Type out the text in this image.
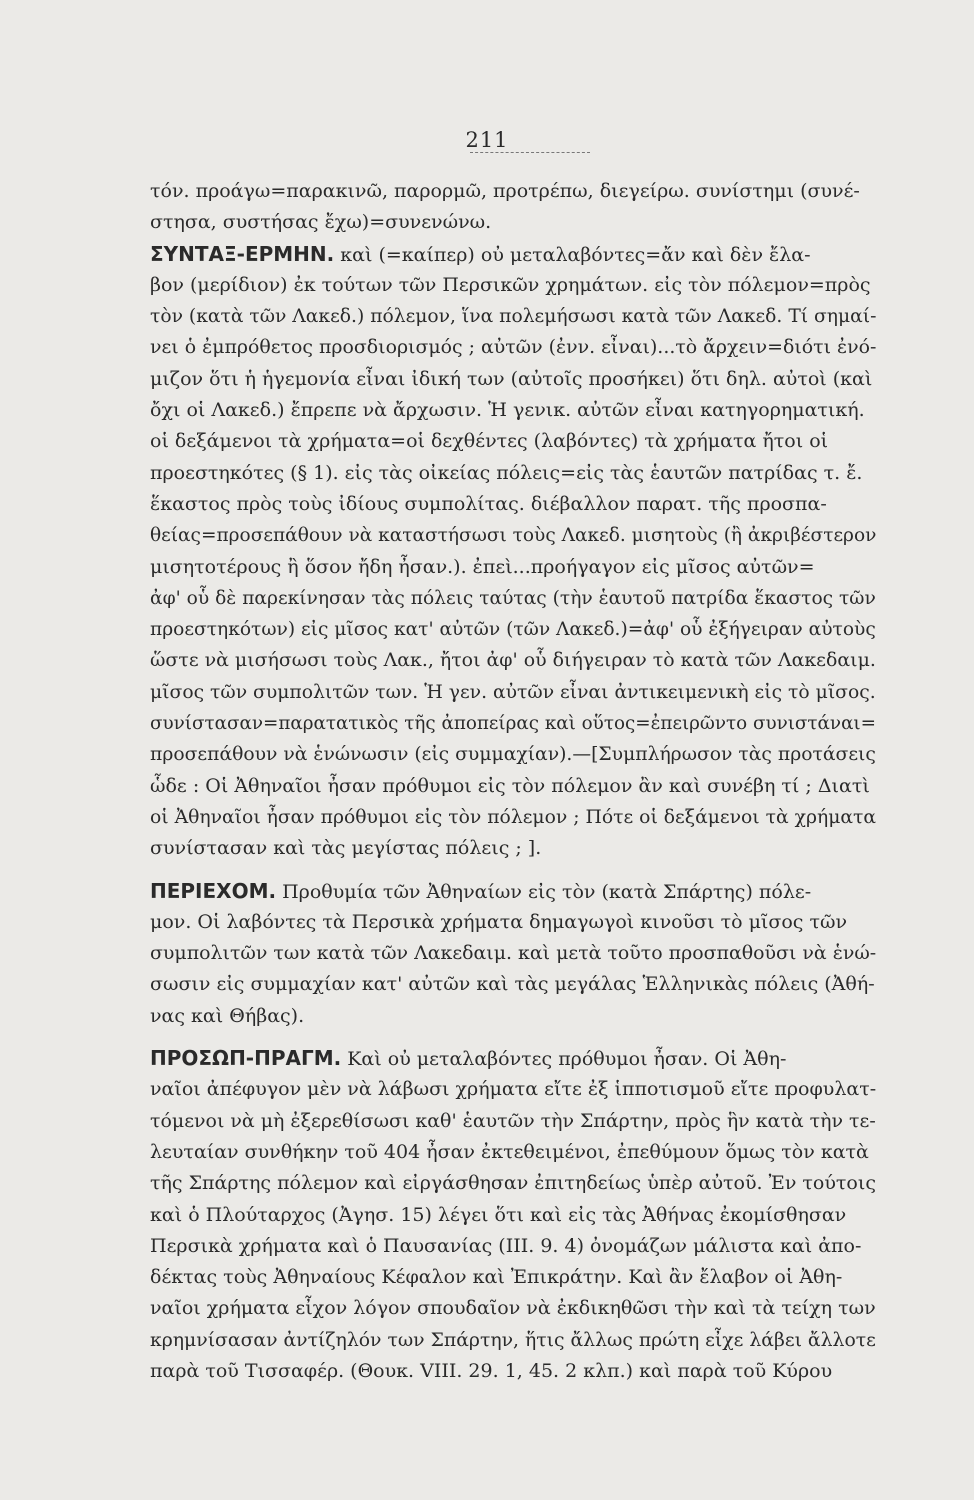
211
τόν. προάγω=παρακινῶ, παρορμῶ, προτρέπω, διεγείρω. συνίστημι (συνέ-
στησα, συστήσας ἔχω)=συνενώνω.
ΣΥΝΤΑΞ-ΕΡΜΗΝ. καὶ (=καίπερ) οὐ μεταλαβόντες=ἄν καὶ δὲν ἔλα-
βον (μερίδιον) ἐκ τούτων τῶν Περσικῶν χρημάτων. εἰς τὸν πόλεμον=πρὸς
τὸν (κατὰ τῶν Λακεδ.) πόλεμον, ἵνα πολεμήσωσι κατὰ τῶν Λακεδ. Τί σημαί-
νει ὁ ἐμπρόθετος προσδιορισμός ; αὐτῶν (ἐνν. εἶναι)...τὸ ἄρχειν=διότι ἐνό-
μιζον ὅτι ἡ ἡγεμονία εἶναι ἰδική των (αὐτοῖς προσήκει) ὅτι δηλ. αὐτοὶ (καὶ
ὄχι οἱ Λακεδ.) ἔπρεπε νὰ ἄρχωσιν. Ἡ γενικ. αὐτῶν εἶναι κατηγορηματική.
οἱ δεξάμενοι τὰ χρήματα=οἱ δεχθέντες (λαβόντες) τὰ χρήματα ἤτοι οἱ
προεστηκότες (§ 1). εἰς τὰς οἰκείας πόλεις=εἰς τὰς ἑαυτῶν πατρίδας τ. ἔ.
ἕκαστος πρὸς τοὺς ἰδίους συμπολίτας. διέβαλλον παρατ. τῆς προσπα-
θείας=προσεπάθουν νὰ καταστήσωσι τοὺς Λακεδ. μισητοὺς (ἢ ἀκριβέστερον
μισητοτέρους ἢ ὅσον ἤδη ἦσαν.). ἐπεὶ...προήγαγον εἰς μῖσος αὐτῶν=
ἀφ' οὗ δὲ παρεκίνησαν τὰς πόλεις ταύτας (τὴν ἑαυτοῦ πατρίδα ἕκαστος τῶν
προεστηκότων) εἰς μῖσος κατ' αὐτῶν (τῶν Λακεδ.)=ἀφ' οὗ ἐξήγειραν αὐτοὺς
ὥστε νὰ μισήσωσι τοὺς Λακ., ἤτοι ἀφ' οὗ διήγειραν τὸ κατὰ τῶν Λακεδαιμ.
μῖσος τῶν συμπολιτῶν των. Ἡ γεν. αὐτῶν εἶναι ἀντικειμενικὴ εἰς τὸ μῖσος.
συνίστασαν=παρατατικὸς τῆς ἀποπείρας καὶ οὕτος=ἐπειρῶντο συνιστάναι=
προσεπάθουν νὰ ἑνώνωσιν (εἰς συμμαχίαν).—[Συμπλήρωσον τὰς προτάσεις
ὧδε : Οἱ Ἀθηναῖοι ἦσαν πρόθυμοι εἰς τὸν πόλεμον ἂν καὶ συνέβη τί ; Διατὶ
οἱ Ἀθηναῖοι ἦσαν πρόθυμοι εἰς τὸν πόλεμον ; Πότε οἱ δεξάμενοι τὰ χρήματα
συνίστασαν καὶ τὰς μεγίστας πόλεις ; ].
ΠΕΡΙΕΧΟΜ. Προθυμία τῶν Ἀθηναίων εἰς τὸν (κατὰ Σπάρτης) πόλε-
μον. Οἱ λαβόντες τὰ Περσικὰ χρήματα δημαγωγοὶ κινοῦσι τὸ μῖσος τῶν
συμπολιτῶν των κατὰ τῶν Λακεδαιμ. καὶ μετὰ τοῦτο προσπαθοῦσι νὰ ἑνώ-
σωσιν εἰς συμμαχίαν κατ' αὐτῶν καὶ τὰς μεγάλας Ἑλληνικὰς πόλεις (Ἀθή-
νας καὶ Θήβας).
ΠΡΟΣΩΠ-ΠΡΑΓΜ. Καὶ οὐ μεταλαβόντες πρόθυμοι ἦσαν. Οἱ Ἀθη-
ναῖοι ἀπέφυγον μὲν νὰ λάβωσι χρήματα εἴτε ἐξ ἱπποτισμοῦ εἴτε προφυλατ-
τόμενοι νὰ μὴ ἐξερεθίσωσι καθ' ἑαυτῶν τὴν Σπάρτην, πρὸς ἣν κατὰ τὴν τε-
λευταίαν συνθήκην τοῦ 404 ἦσαν ἐκτεθειμένοι, ἐπεθύμουν ὅμως τὸν κατὰ
τῆς Σπάρτης πόλεμον καὶ εἰργάσθησαν ἐπιτηδείως ὑπὲρ αὐτοῦ. Ἐν τούτοις
καὶ ὁ Πλούταρχος (Ἀγησ. 15) λέγει ὅτι καὶ εἰς τὰς Ἀθήνας ἐκομίσθησαν
Περσικὰ χρήματα καὶ ὁ Παυσανίας (ΙΙΙ. 9. 4) ὀνομάζων μάλιστα καὶ ἀπο-
δέκτας τοὺς Ἀθηναίους Κέφαλον καὶ Ἐπικράτην. Καὶ ἂν ἔλαβον οἱ Ἀθη-
ναῖοι χρήματα εἶχον λόγον σπουδαῖον νὰ ἐκδικηθῶσι τὴν καὶ τὰ τείχη των
κρημνίσασαν ἀντίζηλόν των Σπάρτην, ἥτις ἄλλως πρώτη εἶχε λάβει ἄλλοτε
παρὰ τοῦ Τισσαφέρ. (Θουκ. VIII. 29. 1, 45. 2 κλπ.) καὶ παρὰ τοῦ Κύρου
